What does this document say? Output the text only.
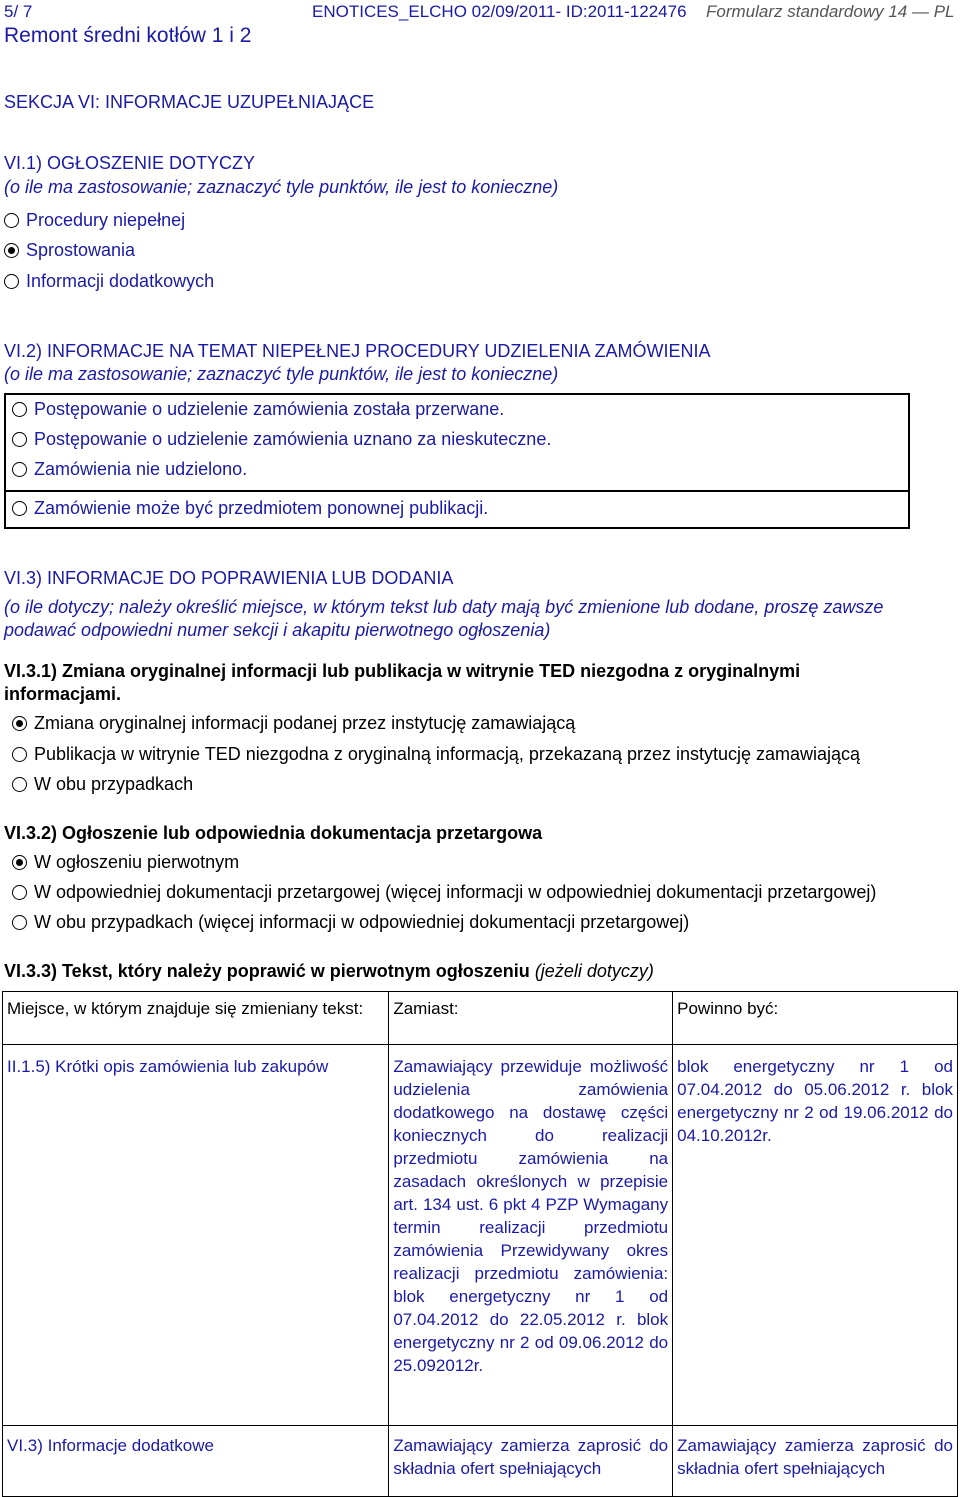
5/ 7	ENOTICES_ELCHO 02/09/2011- ID:2011-122476 Formularz standardowy 14 — PL
Remont średni kotłów 1 i 2
SEKCJA VI: INFORMACJE UZUPEŁNIAJĄCE
VI.1) OGŁOSZENIE DOTYCZY
(o ile ma zastosowanie; zaznaczyć tyle punktów, ile jest to konieczne)
Procedury niepełnej
Sprostowania
Informacji dodatkowych
VI.2) INFORMACJE NA TEMAT NIEPEŁNEJ PROCEDURY UDZIELENIA ZAMÓWIENIA
(o ile ma zastosowanie; zaznaczyć tyle punktów, ile jest to konieczne)
Postępowanie o udzielenie zamówienia została przerwane.
Postępowanie o udzielenie zamówienia uznano za nieskuteczne.
Zamówienia nie udzielono.
Zamówienie może być przedmiotem ponownej publikacji.
VI.3) INFORMACJE DO POPRAWIENIA LUB DODANIA
(o ile dotyczy; należy określić miejsce, w którym tekst lub daty mają być zmienione lub dodane, proszę zawsze
podawać odpowiedni numer sekcji i akapitu pierwotnego ogłoszenia)
VI.3.1) Zmiana oryginalnej informacji lub publikacja w witrynie TED niezgodna z oryginalnymi
informacjami.
Zmiana oryginalnej informacji podanej przez instytucję zamawiającą
Publikacja w witrynie TED niezgodna z oryginalną informacją, przekazaną przez instytucję zamawiającą
W obu przypadkach
VI.3.2) Ogłoszenie lub odpowiednia dokumentacja przetargowa
W ogłoszeniu pierwotnym
W odpowiedniej dokumentacji przetargowej (więcej informacji w odpowiedniej dokumentacji przetargowej)
W obu przypadkach (więcej informacji w odpowiedniej dokumentacji przetargowej)
VI.3.3) Tekst, który należy poprawić w pierwotnym ogłoszeniu (jeżeli dotyczy)
Miejsce, w którym znajduje się zmieniany tekst:	Zamiast:	Powinno być:
II.1.5) Krótki opis zamówienia lub zakupów	Zamawiający przewiduje możliwość udzielenia zamówienia dodatkowego na dostawę części koniecznych do realizacji przedmiotu zamówienia na zasadach określonych w przepisie art. 134 ust. 6 pkt 4 PZP Wymagany termin realizacji przedmiotu zamówienia Przewidywany okres realizacji przedmiotu zamówienia: blok energetyczny nr 1 od 07.04.2012 do 22.05.2012 r. blok energetyczny nr 2 od 09.06.2012 do 25.092012r.	blok energetyczny nr 1 od 07.04.2012 do 05.06.2012 r. blok energetyczny nr 2 od 19.06.2012 do 04.10.2012r.
VI.3) Informacje dodatkowe	Zamawiający zamierza zaprosić do składnia ofert spełniających	Zamawiający zamierza zaprosić do składnia ofert spełniających
